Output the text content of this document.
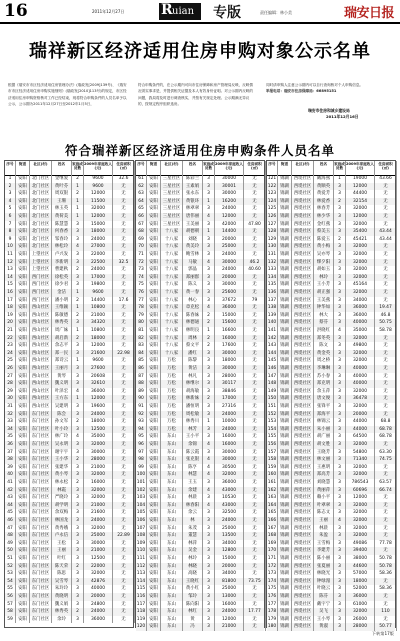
16	2011年12月27日	R uian 专版	责任编辑：林小美	瑞安日报
瑞祥新区经济适用住房申购对象公示名单
根据《瑞安市市区经济适用住房管理办法》(瑞政发[2009]139号)、《瑞安市市区经济适用住房申购实施细则》(瑞政发[2010]113号)的规定，市区经济适用住房申购资格核对工作已经结束，现将符合申购条件的人员名单予以公示，公示期为2011年12月27日至2012年1月5日，
符合申购条件的，在公示期内可向市住房保障和房产管理局反映，反映情况须实事求是，并提供相关证据及本人有效身份证明。对公示期内反映的问题，我局将及时进行调查核实，并按有关规定处理。公示期满无异议的，按规定程序组织选房。
同时请申购人注意公示期内可以自行查询核对个人申购信息。
举报电话：瑞安市住房保障局：66895151
瑞安市住房和城乡建设局
2011年12月16日
符合瑞祥新区经济适用住房申购条件人员名单
序号	街道	社区(村)	姓名	家庭成员数
2009年家庭收入(元)
住房面积(㎡)
1	安阳	北门社区	金继爱	2	9600	32.6
2	安阳	北门社区	黄叶芬	1	9600	无
3	安阳	北门社区	周双银	2	12000	无
4	安阳	北门社区	王珊	1	11500	无
5	安阳	北门社区	林玉英	1	32000	无
6	安阳	北门社区	黄荷美	1	12000	无
7	安阳	北门社区	陈慧慧	3	15000	无
8	安阳	北门社区	何春香	3	18000	无
9	安阳	北门社区	邹春玲	3	24000	无
10	安阳	北门社区	林松玲	4	27000	无
11	安阳	上望社区	卢兴发	3	22000	无
12	安阳	上望社区	李新明	3	22500	32.5
13	安阳	上望社区	曹建秋	2	24000	无
14	安阳	西门社区	徐松英	3	17000	无
15	安阳	西门社区	徐少君	3	19800	无
16	安阳	西门社区	金洁	1	9600	无
17	安阳	西门社区	潘小明	2	14400	17.6
18	安阳	西山社区	王维颖	1	10800	无
19	安阳	西山社区	陈敏德	2	21000	无
20	安阳	西山社区	林秀英	3	34320	无
21	安阳	西山社区	周广妹	1	10800	无
22	安阳	西山社区	胡启新	2	18000	无
23	安阳	西山社区	余志平	3	12000	无
24	安阳	西山社区	郑一民	3	21600	22.98
25	安阳	西山社区	郑诗云	1	9600	无
26	安阳	西山社区	王丽月	3	27600	无
27	安阳	西山社区	黄琴	3	20608	无
28	安阳	西山社区	魏义明	3	32610	无
29	安阳	西山社区	叶泽宏	4	36000	无
30	安阳	西山社区	王方东	1	12000	无
31	安阳	西山社区	吴建明	3	19600	无
32	安阳	东门社区	陈会	3	24000	无
33	安阳	东门社区	孙文军	2	18000	无
34	安阳	东门社区	叶小玲	3	12500	无
35	安阳	东门社区	林广玲	4	35000	无
36	安阳	东门社区	吴永明	3	32000	无
37	安阳	东门社区	谢宇宇	3	30000	无
38	安阳	东门社区	王小华	2	28000	无
39	安阳	东门社区	张建华	3	21000	无
40	安阳	东门社区	黄小琴	3	32000	无
41	安阳	东门社区	林永松	2	16000	无
42	安阳	东门社区	林霞	3	32000	无
43	安阳	东门社区	严晓玲	3	32000	无
44	安阳	东门社区	胡学明	3	21000	无
45	安阳	东门社区	余双梅	3	21600	无
46	安阳	东门社区	林国龙	3	24000	无
47	安阳	东门社区	黄秀娥	3	32000	无
48	安阳	东门社区	卢永信	3	25000	22.89
49	安阳	东门社区	王松	3	30000	无
50	安阳	东门社区	王丽	3	21000	无
51	安阳	东门社区	叶红	3	12500	无
52	安阳	东门社区	陈天荣	2	22000	无
53	安阳	东门社区	陈思	3	32000	无
54	安阳	东门社区	吴雪琴	3	42876	无
55	安阳	东门社区	朱玲玲	3	40000	无
56	安阳	东门社区	黄晓明	3	20000	无
57	安阳	东门社区	魏义娟	3	24800	无
58	安阳	东门社区	林秀英	2	24000	无
59	安阳	东门社区	余玲	3	36000	无
序号	街道	社区(村)	姓名	家庭成员数
2009年家庭收入(元)
住房面积(㎡)
61	安阳	三星社区	陈彩兰	3	30000	无
62	安阳	三星社区	王素娟	3	30001	无
63	安阳	三星社区	张永东	3	30000	无
64	安阳	三星社区	黄银环	1	16200	无
65	安阳	三星社区	林翠翠	3	24000	无
66	安阳	三星社区	唐伟丽	4	12000	无
67	安阳	三星社区	王美丽	3	42000	47.80
68	安阳	十八家	胡德朝	1	14400	无
69	安阳	十八家	刘晓	3	20000	无
70	安阳	十八家	黄美玲	3	25000	无
71	安阳	十八家	鲍雪林	3	24000	无
72	安阳	十八家	马敏	4	30000	46.2
73	安阳	十八家	郭晶	3	24000	40.60
74	安阳	十八家	郑丽群	3	20000	无
75	安阳	十八家	陈义	3	30000	无
76	安阳	十八家	黄一春	3	25600	无
77	安阳	十八家	林心	3	37672	79
78	安阳	十八家	章克松	4	36000	无
79	安阳	十八家	陈春妹	2	15000	无
80	安阳	十八家	林德通	2	15600	无
81	安阳	十八家	林明良	1	16600	无
82	安阳	十八家	周林	2	16000	无
83	安阳	十八家	蔡文平	2	17600	无
84	安阳	十八家	潘红	3	30000	无
85	安阳	万松	陈黎	3	18000	无
86	安阳	万松	黄洁	3	30000	无
87	安阳	万松	林凡	3	28000	无
88	安阳	万松	林继尔	3	30117	无
89	安阳	万松	胡海敏	3	38846	无
90	安阳	万松	林新妹	2	17000	无
91	安阳	万松	潘恒明	3	27316	无
92	安阳	万松	周松敏	3	24000	无
93	安阳	万松	林秀川	1	10000	无
94	安阳	万松	林芳	3	24000	无
95	安阳	东山	王小平	3	16000	无
96	安阳	东山	余锦	4	16000	无
97	安阳	东山	陈云霞	3	30000	无
98	安阳	东山	张克银	4	30000	无
99	安阳	东山	陈亨	4	30500	无
100 安阳	东山	林慧	4	32000	无
101 安阳	东山	王玉	3	36000	无
102 安阳	东山	余建	4	43000	无
103 安阳	东山	林晨	3	10530	无
104 安阳	东山	林春阳	4	43000	无
105 安阳	东山	余云	3	32500	无
106 安阳	东山	林	3	24000	无
107 安阳	东山	朱茂	3	25000	无
108 安阳	东山	董慧	3	13500	无
109 安阳	东山	林萍	3	34000	无
110 安阳	东山	吴金	3	12800	无
111 安阳	东山	林玲	3	15000	无
112 安阳	东山	林晓	3	20000	无
113 安阳	东山	高晓	3	34000	无
114 安阳	东山	王晓红	3	81800	73.75
115 安阳	东山	黄小红	3	25000	无
116 安阳	东山	邹玲	3	13000	无
117 安阳	东山	陈向阳	3	16000	无
118 安阳	东山	林红	3	24000	17.77
119 安阳	东山	黄	3	12000	无
120 安阳	东山	冯	3	21000	无
序号	街道	社区(村)	姓名	家庭成员数
2009年家庭收入(元)
住房面积(㎡)
121 锦湖	西堤社区	戴海燕	1	19000	43.66
122 锦湖	西堤社区	黄顺英	3	12000	无
123 锦湖	西堤社区	黄爱芳	3	44400	无
124 锦湖	西堤社区	林爱香	2	32154	无
125 锦湖	西堤社区	林春芳	3	32000	无
126 锦湖	西堤社区	林少华	3	12000	无
127 锦湖	西堤社区	金红燕	3	32000	无
128 锦湖	西堤社区	蔡美玉	3	35400	43.44
129 锦湖	西堤社区	陈爱玉	2	45421	43.44
130 锦湖	西堤社区	黄小梅	3	32000	无
131 锦湖	西堤社区	吴亦琴	3	32000	无
132 锦湖	西堤社区	缪夕阳	3	32000	无
133 锦湖	西堤社区	胡如玉	3	32000	无
134 锦湖	西堤社区	林玲	3	32000	无
135 锦湖	西堤社区	王小芳	3	45164	无
136 锦湖	西堤社区	胡正强	3	32000	无
137 锦湖	西堤社区	王美燕	3	34000	无
138 锦湖	西堤社区	钟华如	3	36000	19.47
139 锦湖	西堤社区	林大	3	36000	46.8
140 锦湖	西堤社区	蔡芬	3	40000	50.75
141 锦湖	西堤社区	洪晓红	4	35000	58.78
142 锦湖	西堤社区	郑冬英	3	32000	无
143 锦湖	西堤社区	陈文	3	49800	无
144 锦湖	西堤社区	黄金英	3	32000	无
145 锦湖	西堤社区	周之桥	3	32000	无
146 锦湖	西堤社区	李琳琳	3	40000	无
147 锦湖	西堤社区	苏小春	3	40000	无
148 锦湖	西堤社区	郑克明	3	40000	无
149 锦湖	西堤社区	余玉萍	3	32000	无
150 锦湖	西堤社区	唐文俊	3	36478	无
151 锦湖	西堤社区	张锋平	3	32000	无
152 锦湖	西堤社区	郑海平	3	20000	无
153 锦湖	西堤社区	林锦云	3	44000	68.8
154 锦湖	西堤社区	朱小丽	3	44000	68.78
155 锦湖	西堤社区	胡广丽	3	64500	68.78
156 锦湖	西堤社区	胡文胜	3	32000	无
157 锦湖	西堤社区	王晓芳	3	54800	63.30
158 锦湖	西堤社区	林文丽	3	71340	74.75
159 锦湖	西堤社区	王惠明	3	32000	无
160 锦湖	西堤社区	郑高芳	3	32000	无
161 锦湖	西堤社区	刘晓慧	3	786543	63.57
162 锦湖	西堤社区	黄丽萍	3	60696	66.74
163 锦湖	西堤社区	赖小平	3	12000	无
164 锦湖	西堤社区	叶翠翠	3	32000	无
165 锦湖	西堤社区	陈志文	3	32000	无
166 锦湖	西堤社区	王丽	4	32000	无
167 锦湖	西堤社区	林晨	3	32000	无
168 锦湖	西堤社区	朱盈	3	32000	无
169 锦湖	西堤社区	王雪梅	3	49086	77.78
170 锦湖	西堤社区	李建芳	3	39400	无
171 锦湖	西堤社区	陈小丽	3	38000	50.78
172 锦湖	西堤社区	张夏丽	3	44600	50.78
173 锦湖	西堤社区	林晓光	3	57000	58.36
174 锦湖	西堤社区	钟绿漫	3	18000	无
175 锦湖	西堤社区	叶晓云	3	52000	58.36
176 锦湖	西堤社区	陈芬	3	36000	无
177 锦湖	西堤社区	戴宇宁	3	61000	无
178 锦湖	西堤社区	吴飞	3	32000	110
179 锦湖	西堤社区	王小琴	3	26000	无
180 锦湖	西堤社区	黄淑	3	28000	50.77
下转第17版
